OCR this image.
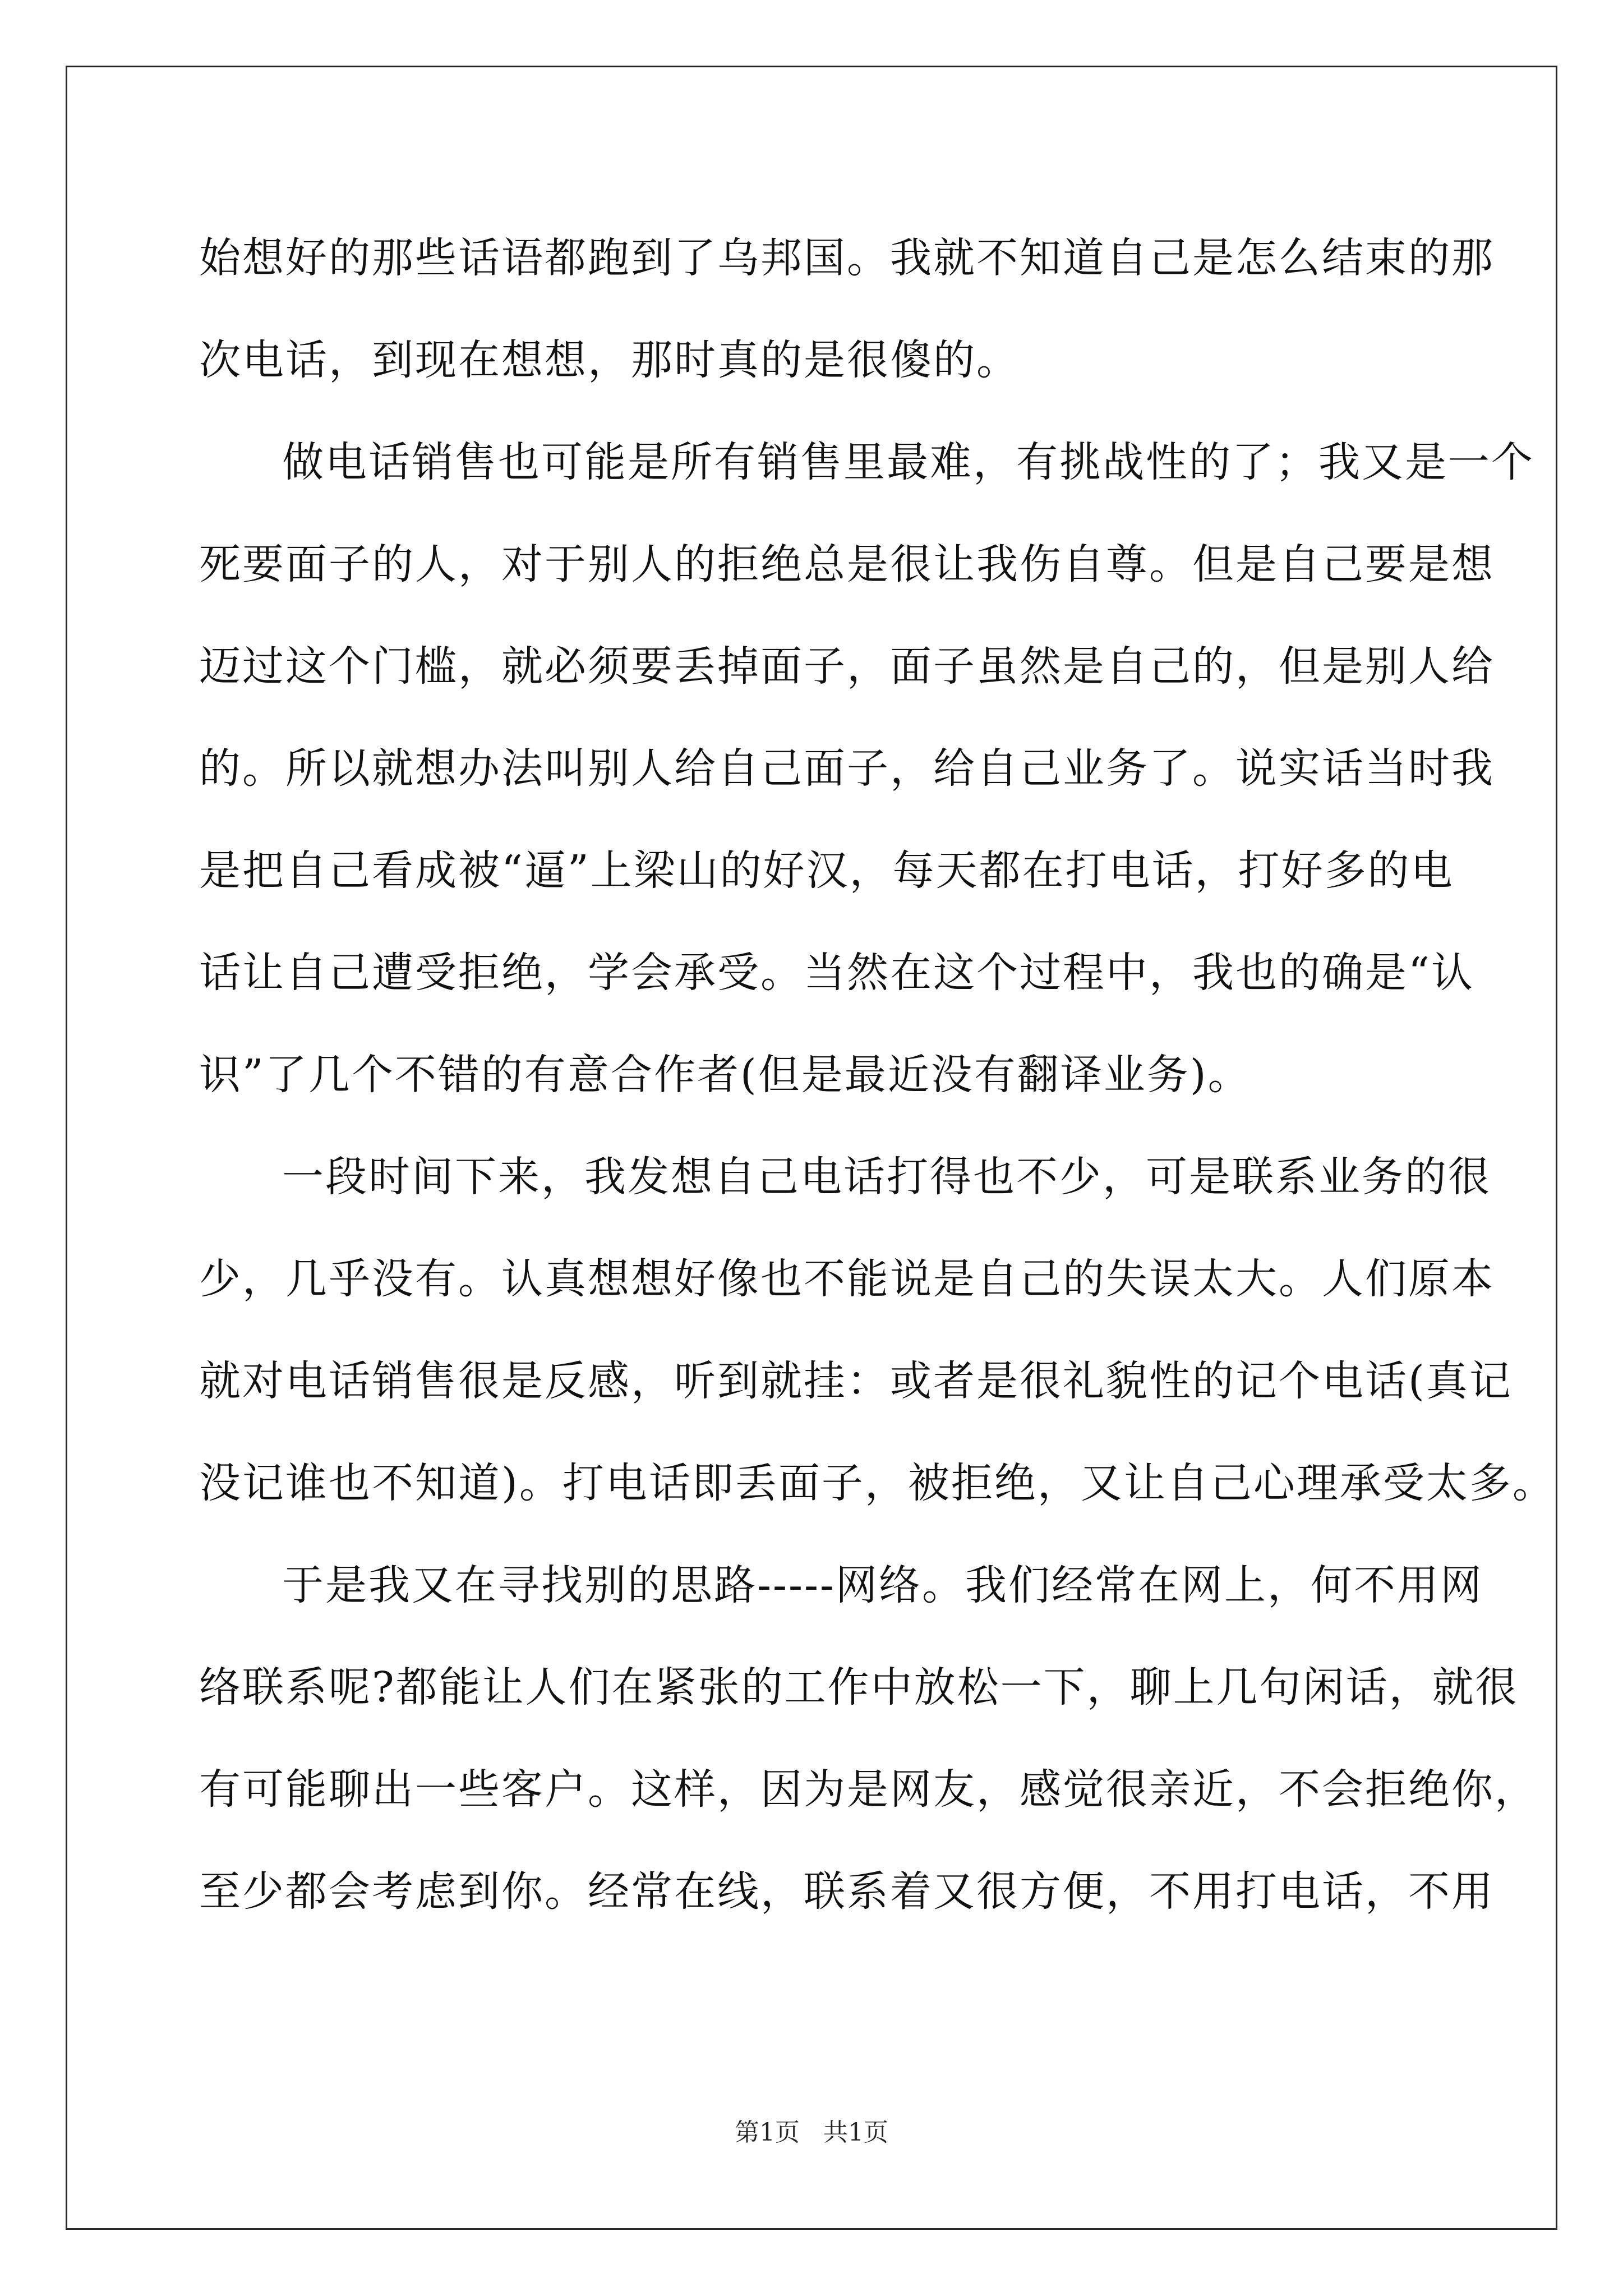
始想好的那些话语都跑到了乌邦国。我就不知道自己是怎么结束的那
次电话，到现在想想，那时真的是很傻的。
做电话销售也可能是所有销售里最难，有挑战性的了；我又是一个
死要面子的人，对于别人的拒绝总是很让我伤自尊。但是自己要是想
迈过这个门槛，就必须要丢掉面子，面子虽然是自己的，但是别人给
的。所以就想办法叫别人给自己面子，给自己业务了。说实话当时我
是把自己看成被“逼”上梁山的好汉，每天都在打电话，打好多的电
话让自己遭受拒绝，学会承受。当然在这个过程中，我也的确是“认
识”了几个不错的有意合作者(但是最近没有翻译业务)。
一段时间下来，我发想自己电话打得也不少，可是联系业务的很
少，几乎没有。认真想想好像也不能说是自己的失误太大。人们原本
就对电话销售很是反感，听到就挂：或者是很礼貌性的记个电话(真记
没记谁也不知道)。打电话即丢面子，被拒绝，又让自己心理承受太多。
于是我又在寻找别的思路-----网络。我们经常在网上，何不用网
络联系呢?都能让人们在紧张的工作中放松一下，聊上几句闲话，就很
有可能聊出一些客户。这样，因为是网友，感觉很亲近，不会拒绝你，
至少都会考虑到你。经常在线，联系着又很方便，不用打电话，不用
第1页   共1页
